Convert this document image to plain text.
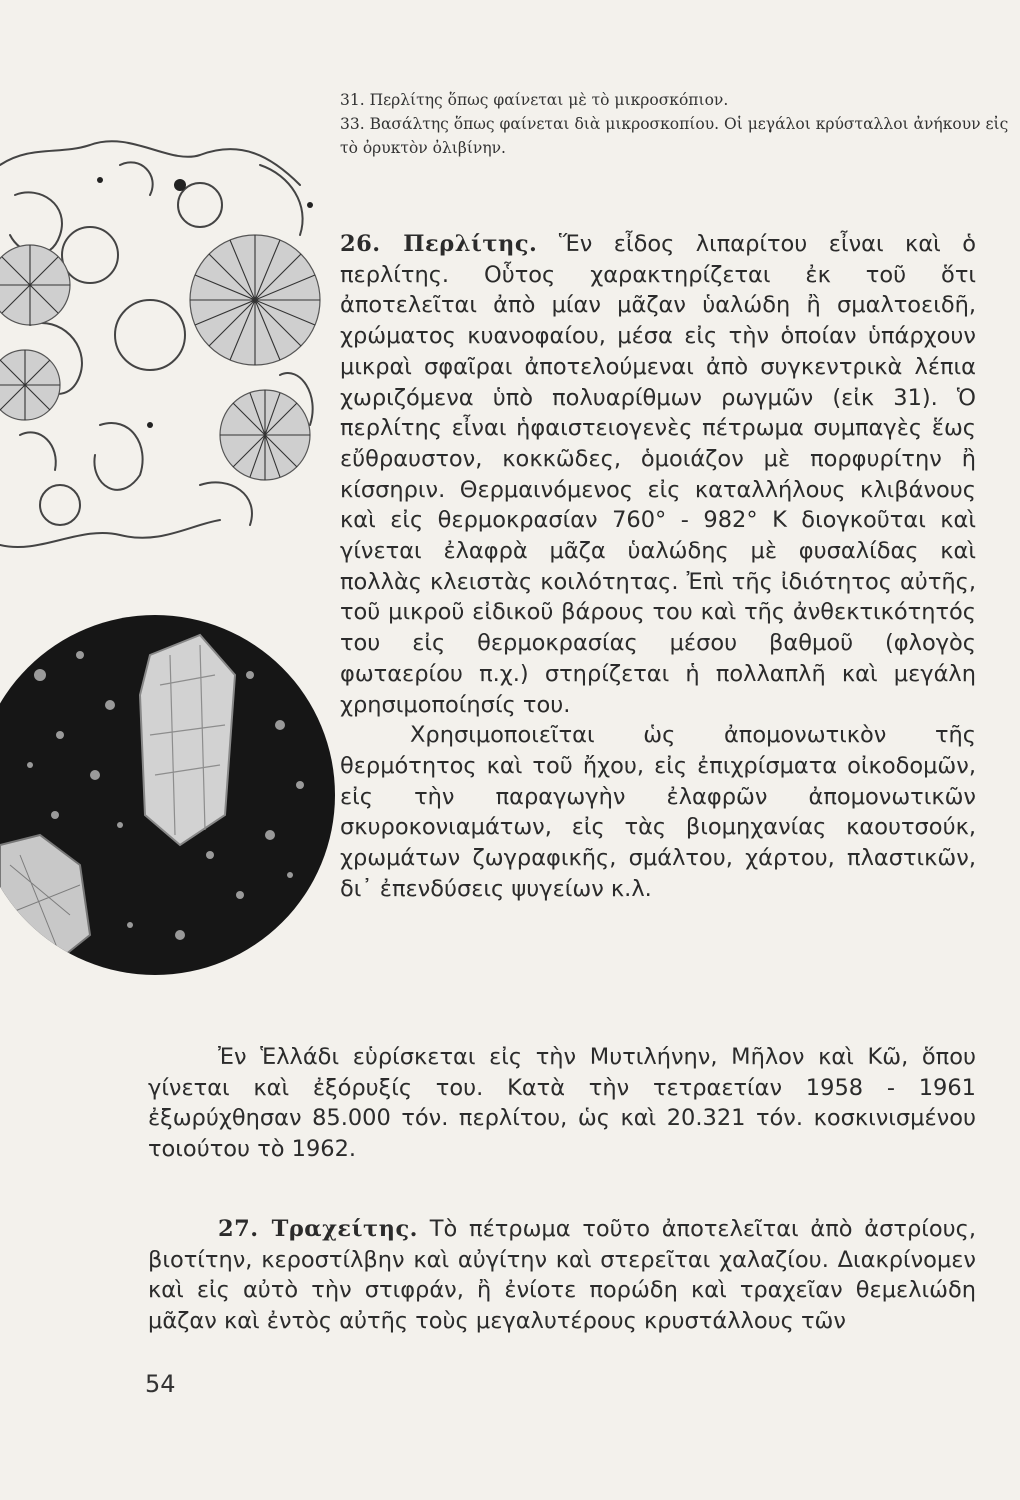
31. Περλίτης ὅπως φαίνεται μὲ τὸ μικροσκόπιον.

33. Βασάλτης ὅπως φαίνεται διὰ μικροσκοπίου. Οἱ μεγάλοι κρύσταλλοι ἀνήκουν εἰς τὸ ὀρυκτὸν ὀλιβίνην.

26. Περλίτης. Ἕν εἶδος λιπαρίτου εἶναι καὶ ὁ περλίτης. Οὗτος χαρακτηρίζεται ἐκ τοῦ ὅτι ἀποτελεῖται ἀπὸ μίαν μᾶζαν ὑαλώδη ἢ σμαλτοειδῆ, χρώματος κυανοφαίου, μέσα εἰς τὴν ὁποίαν ὑπάρχουν μικραὶ σφαῖραι ἀποτελούμεναι ἀπὸ συγκεντρικὰ λέπια χωριζόμενα ὑπὸ πολυαρίθμων ρωγμῶν (εἰκ 31). Ὁ περλίτης εἶναι ἡφαιστειογενὲς πέτρωμα συμπαγὲς ἕως εὔθραυστον, κοκκῶδες, ὁμοιάζον μὲ πορφυρίτην ἢ κίσσηριν. Θερμαινόμενος εἰς καταλλήλους κλιβάνους καὶ εἰς θερμοκρασίαν 760° - 982° Κ διογκοῦται καὶ γίνεται ἐλαφρὰ μᾶζα ὑαλώδης μὲ φυσαλίδας καὶ πολλὰς κλειστὰς κοιλότητας. Ἐπὶ τῆς ἰδιότητος αὐτῆς, τοῦ μικροῦ εἰδικοῦ βάρους του καὶ τῆς ἀνθεκτικότητός του εἰς θερμοκρασίας μέσου βαθμοῦ (φλογὸς φωταερίου π.χ.) στηρίζεται ἡ πολλαπλῆ καὶ μεγάλη χρησιμοποίησίς του.

Χρησιμοποιεῖται ὡς ἀπομονωτικὸν τῆς θερμότητος καὶ τοῦ ἤχου, εἰς ἐπιχρίσματα οἰκοδομῶν, εἰς τὴν παραγωγὴν ἐλαφρῶν ἀπομονωτικῶν σκυροκονιαμάτων, εἰς τὰς βιομηχανίας καουτσούκ, χρωμάτων ζωγραφικῆς, σμάλτου, χάρτου, πλαστικῶν, δι᾽ ἐπενδύσεις ψυγείων κ.λ.

Ἐν Ἑλλάδι εὑρίσκεται εἰς τὴν Μυτιλήνην, Μῆλον καὶ Κῶ, ὅπου γίνεται καὶ ἐξόρυξίς του. Κατὰ τὴν τετραετίαν 1958 - 1961 ἐξωρύχθησαν 85.000 τόν. περλίτου, ὡς καὶ 20.321 τόν. κοσκινισμένου τοιούτου τὸ 1962.

27. Τραχείτης. Τὸ πέτρωμα τοῦτο ἀποτελεῖται ἀπὸ ἀστρίους, βιοτίτην, κεροστίλβην καὶ αὐγίτην καὶ στερεῖται χαλαζίου. Διακρίνομεν καὶ εἰς αὐτὸ τὴν στιφράν, ἢ ἐνίοτε πορώδη καὶ τραχεῖαν θεμελιώδη μᾶζαν καὶ ἐντὸς αὐτῆς τοὺς μεγαλυτέρους κρυστάλλους τῶν

54
